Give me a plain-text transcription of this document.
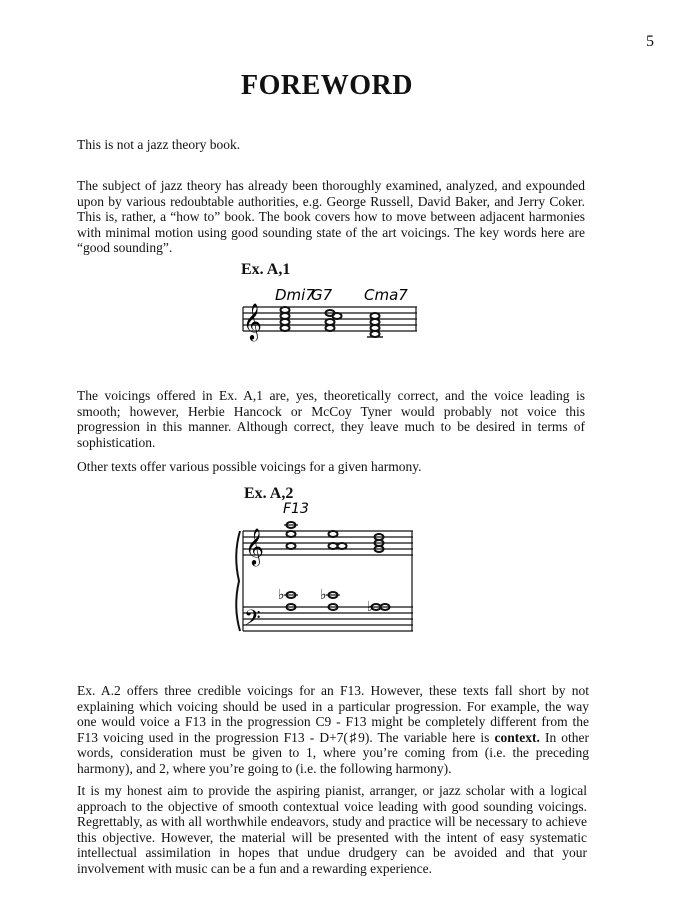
5
FOREWORD

This is not a jazz theory book.

The subject of jazz theory has already been thoroughly examined, analyzed, and expounded upon by various redoubtable authorities, e.g. George Russell, David Baker, and Jerry Coker. This is, rather, a “how to” book. The book covers how to move between adjacent harmonies with minimal motion using good sounding state of the art voicings. The key words here are “good sounding”.

Ex. A,1
Dmi7
G7 Cma7
𝄞

The voicings offered in Ex. A,1 are, yes, theoretically correct, and the voice leading is smooth; however, Herbie Hancock or McCoy Tyner would probably not voice this progression in this manner. Although correct, they leave much to be desired in terms of sophistication.

Other texts offer various possible voicings for a given harmony.

Ex. A,2
F13
𝄞
𝄢
♭	♭
♭

Ex. A.2 offers three credible voicings for an F13. However, these texts fall short by not explaining which voicing should be used in a particular progression. For example, the way one would voice a F13 in the progression C9 - F13 might be completely different from the F13 voicing used in the progression F13 - D+7(♯9). The variable here is context. In other words, consideration must be given to 1, where you’re coming from (i.e. the preceding harmony), and 2, where you’re going to (i.e. the following harmony).

It is my honest aim to provide the aspiring pianist, arranger, or jazz scholar with a logical approach to the objective of smooth contextual voice leading with good sounding voicings. Regrettably, as with all worthwhile endeavors, study and practice will be necessary to achieve this objective. However, the material will be presented with the intent of easy systematic intellectual assimilation in hopes that undue drudgery can be avoided and that your involvement with music can be a fun and a rewarding experience.
